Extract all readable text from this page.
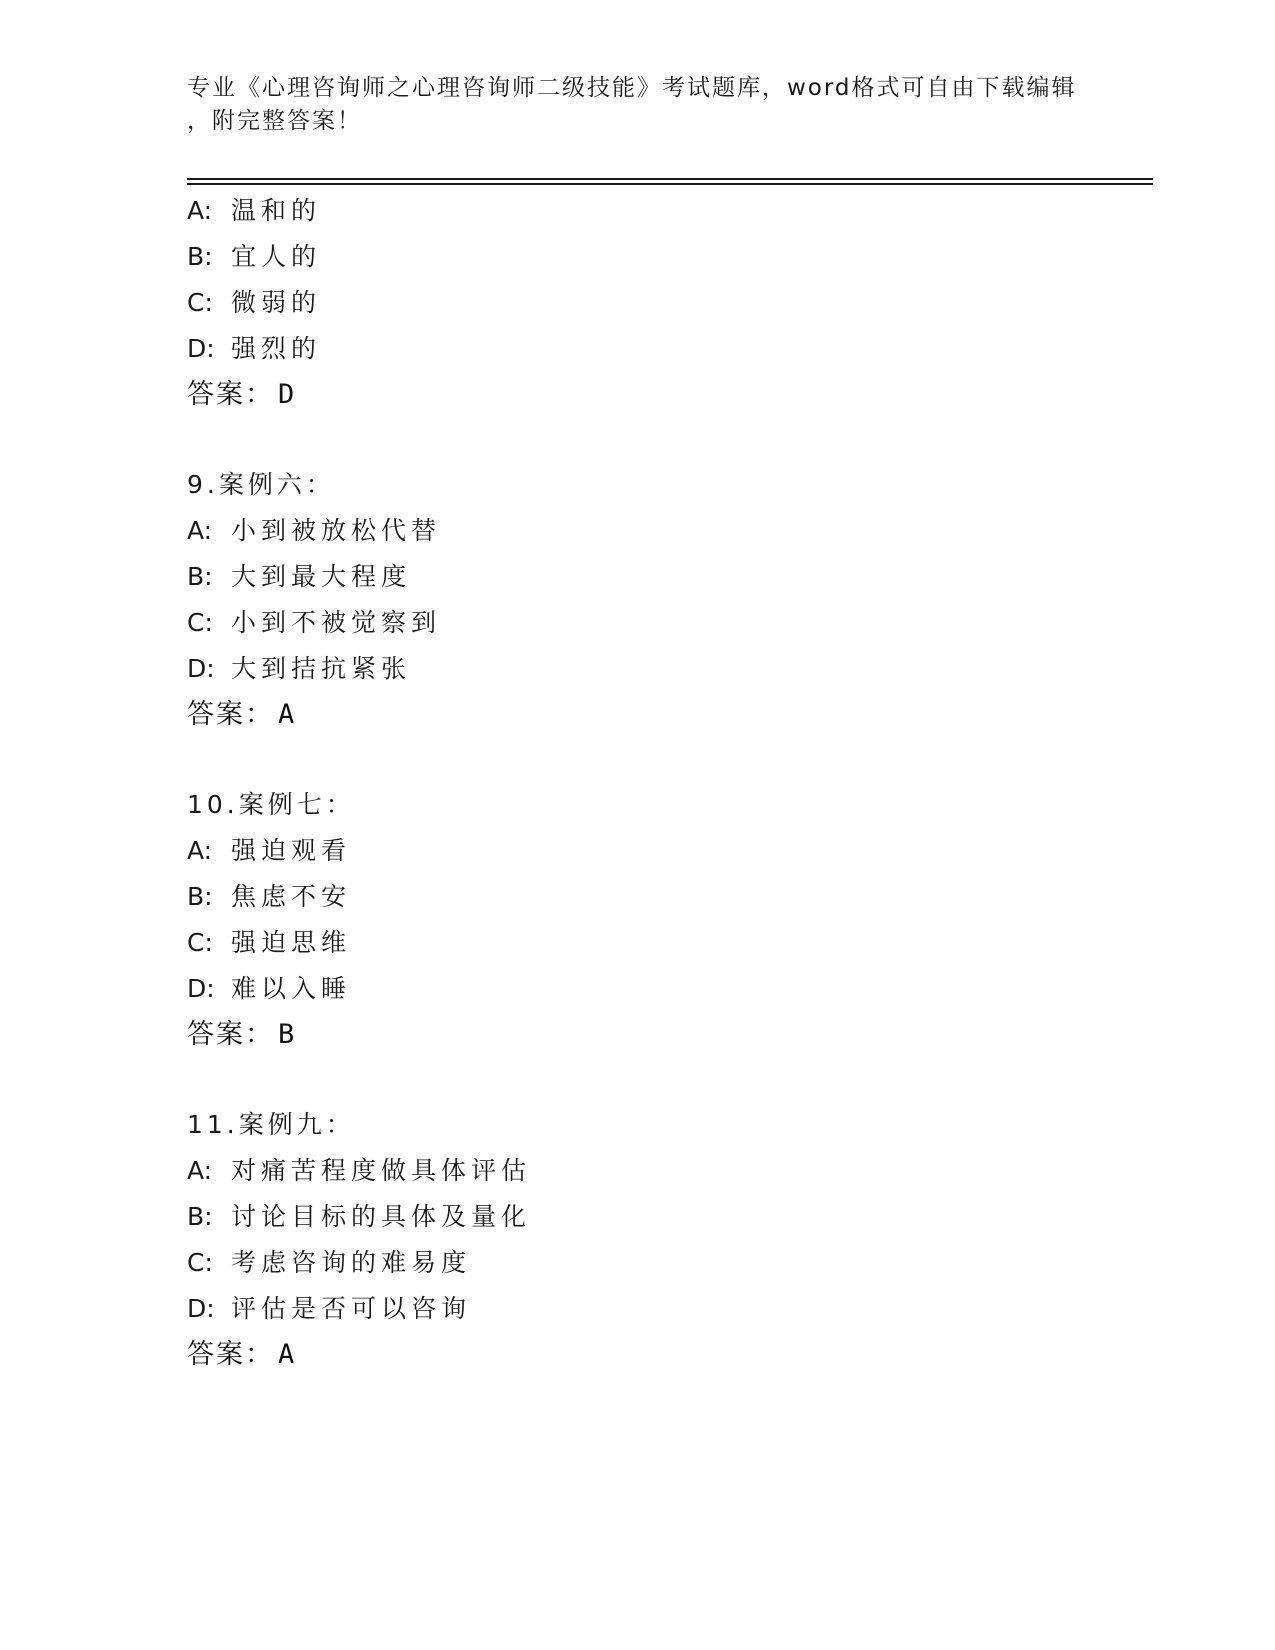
专业《心理咨询师之心理咨询师二级技能》考试题库，word格式可自由下载编辑
，附完整答案！
A: 温和的
B: 宜人的
C: 微弱的
D: 强烈的
答案： D
9.案例六：
A: 小到被放松代替
B: 大到最大程度
C: 小到不被觉察到
D: 大到拮抗紧张
答案： A
10.案例七：
A: 强迫观看
B: 焦虑不安
C: 强迫思维
D: 难以入睡
答案： B
11.案例九：
A: 对痛苦程度做具体评估
B: 讨论目标的具体及量化
C: 考虑咨询的难易度
D: 评估是否可以咨询
答案： A
